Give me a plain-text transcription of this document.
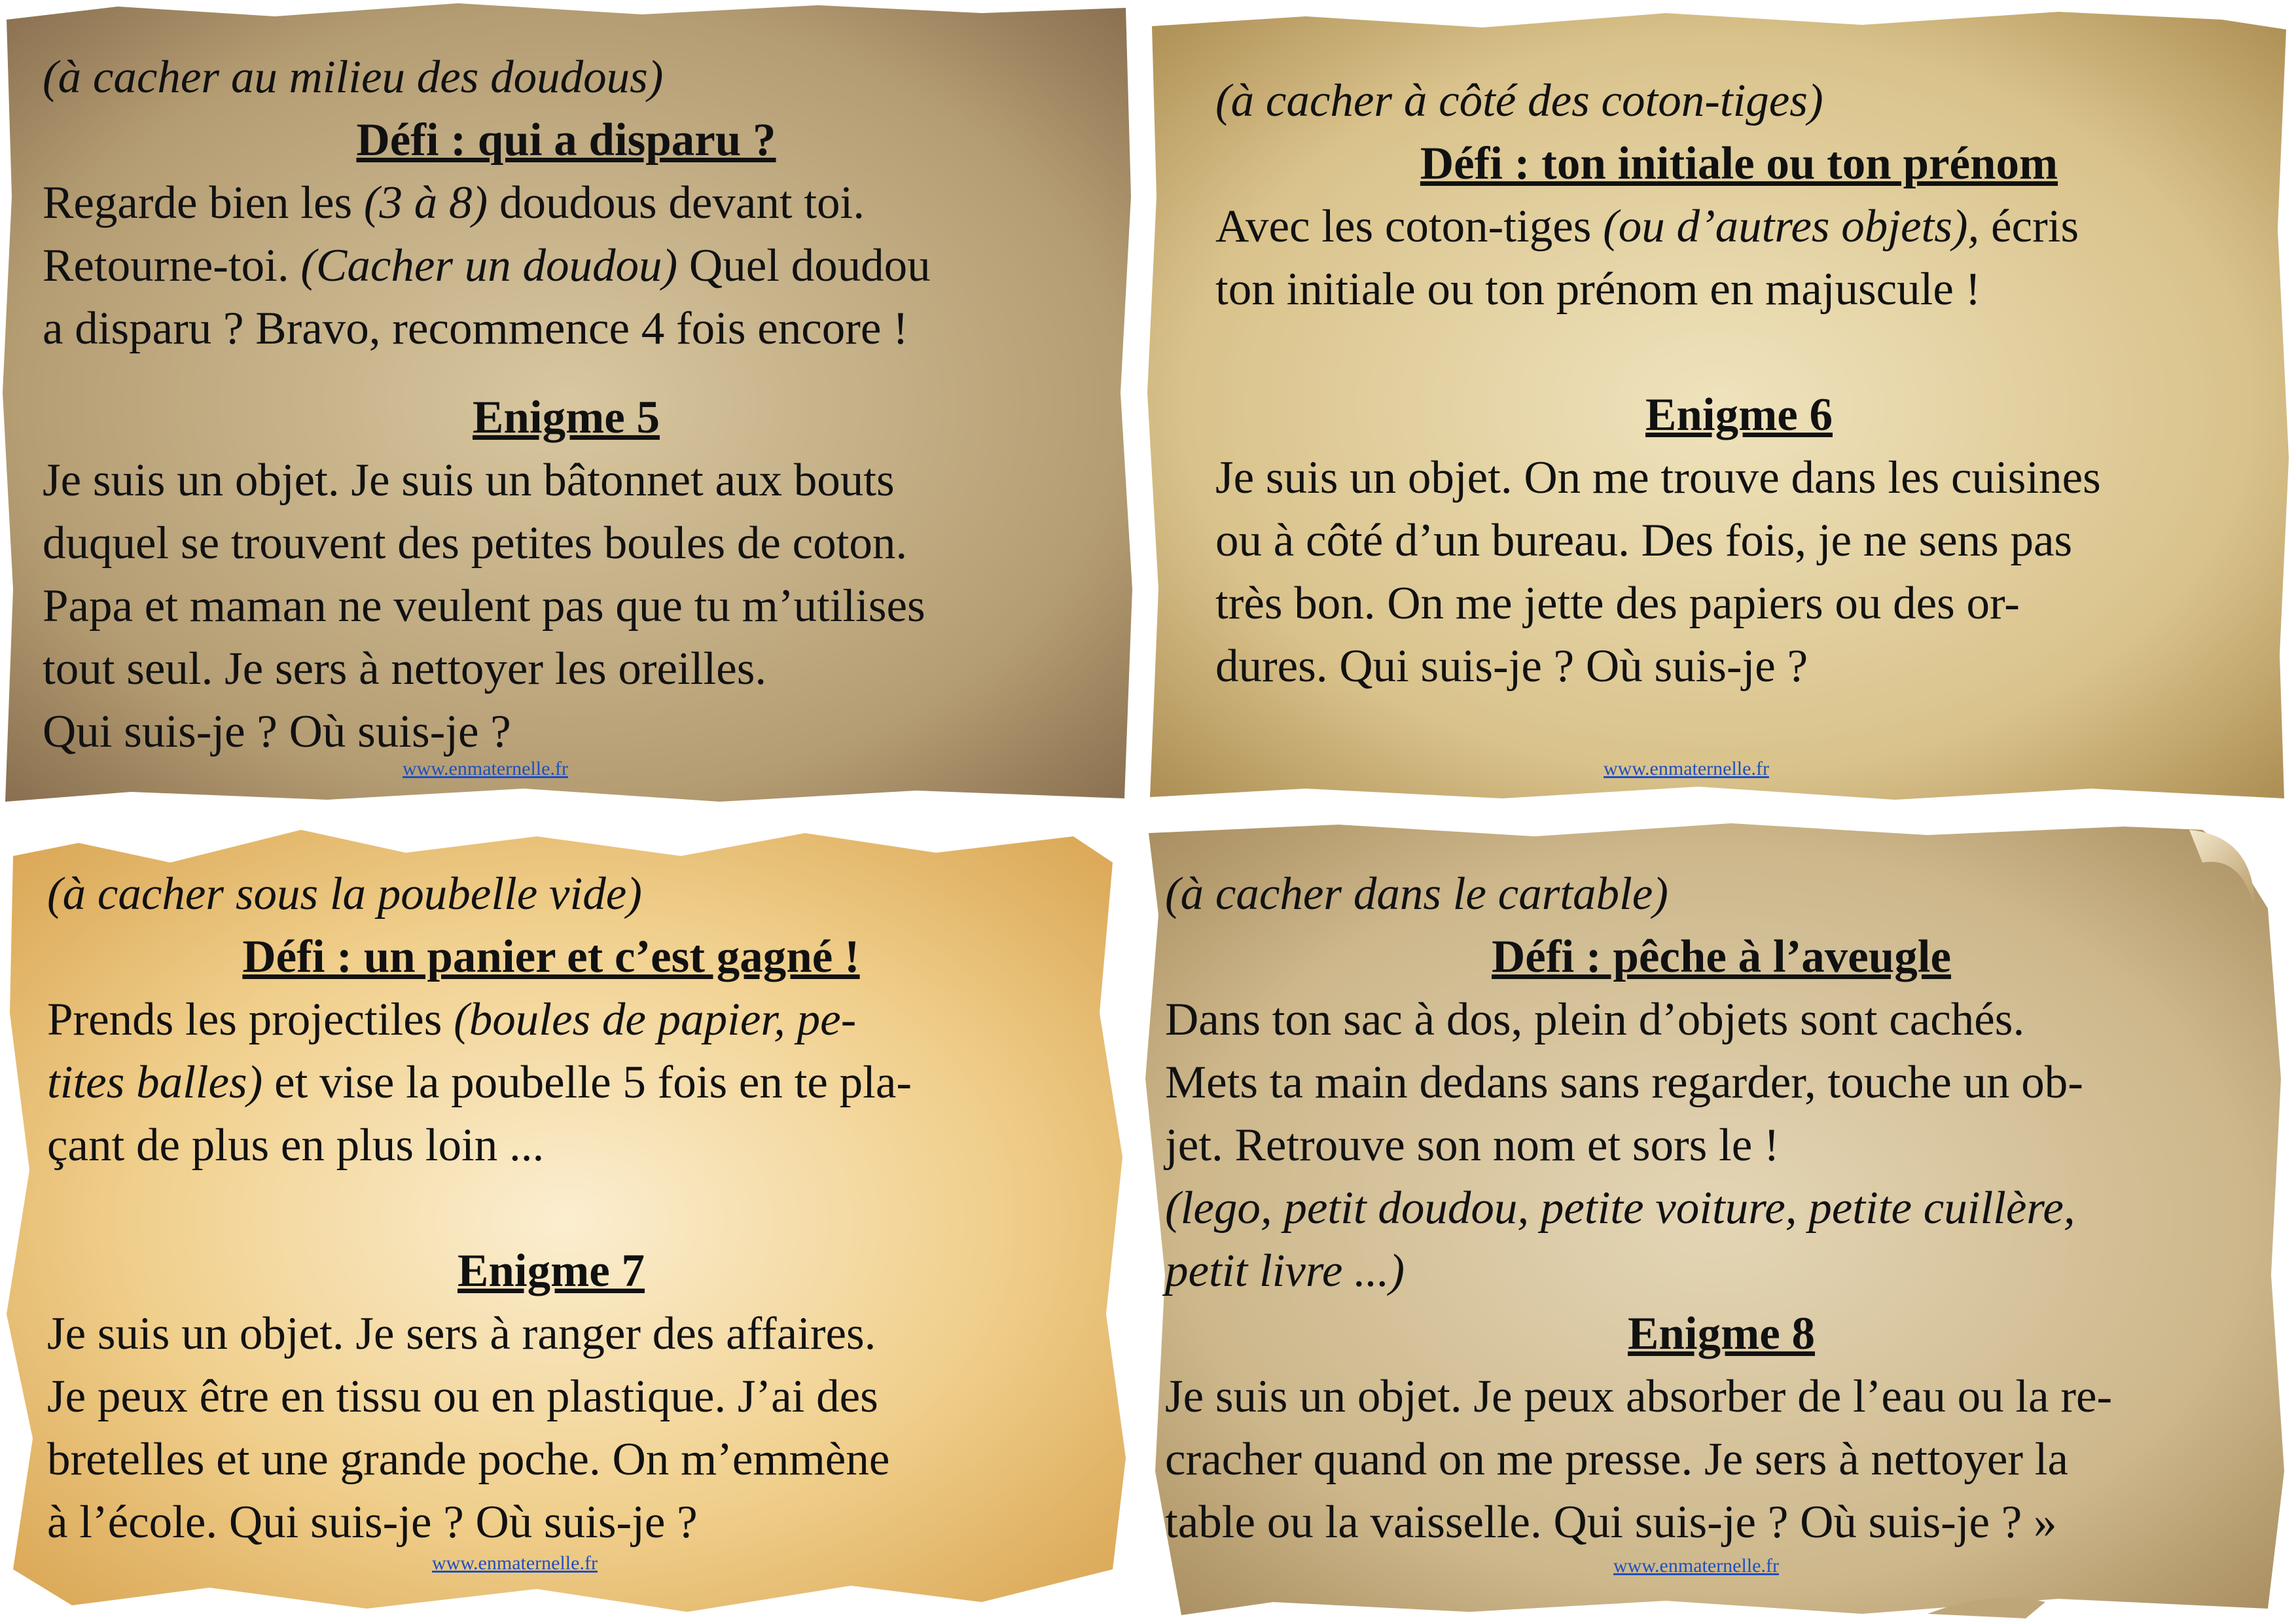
(à cacher au milieu des doudous)

Défi : qui a disparu ?

Regarde bien les (3 à 8) doudous devant toi.

Retourne-toi. (Cacher un doudou) Quel doudou

a disparu ? Bravo, recommence 4 fois encore !

Enigme 5

Je suis un objet. Je suis un bâtonnet aux bouts

duquel se trouvent des petites boules de coton.

Papa et maman ne veulent pas que tu m’utilises

tout seul. Je sers à nettoyer les oreilles.

Qui suis-je ? Où suis-je ?

www.enmaternelle.fr

(à cacher à côté des coton-tiges)

Défi : ton initiale ou ton prénom

Avec les coton-tiges (ou d’autres objets), écris

ton initiale ou ton prénom en majuscule !

Enigme 6

Je suis un objet. On me trouve dans les cuisines

ou à côté d’un bureau. Des fois, je ne sens pas

très bon. On me jette des papiers ou des or-

dures. Qui suis-je ? Où suis-je ?

www.enmaternelle.fr

(à cacher sous la poubelle vide)

Défi : un panier et c’est gagné !

Prends les projectiles (boules de papier, pe-

tites balles) et vise la poubelle 5 fois en te pla-

çant de plus en plus loin ...

Enigme 7

Je suis un objet. Je sers à ranger des affaires.

Je peux être en tissu ou en plastique. J’ai des

bretelles et une grande poche. On m’emmène

à l’école. Qui suis-je ? Où suis-je ?

www.enmaternelle.fr

(à cacher dans le cartable)

Défi : pêche à l’aveugle

Dans ton sac à dos, plein d’objets sont cachés.

Mets ta main dedans sans regarder, touche un ob-

jet. Retrouve son nom et sors le !

(lego, petit doudou, petite voiture, petite cuillère,

petit livre ...)

Enigme 8

Je suis un objet. Je peux absorber de l’eau ou la re-

cracher quand on me presse. Je sers à nettoyer la

table ou la vaisselle. Qui suis-je ? Où suis-je ? »

www.enmaternelle.fr
